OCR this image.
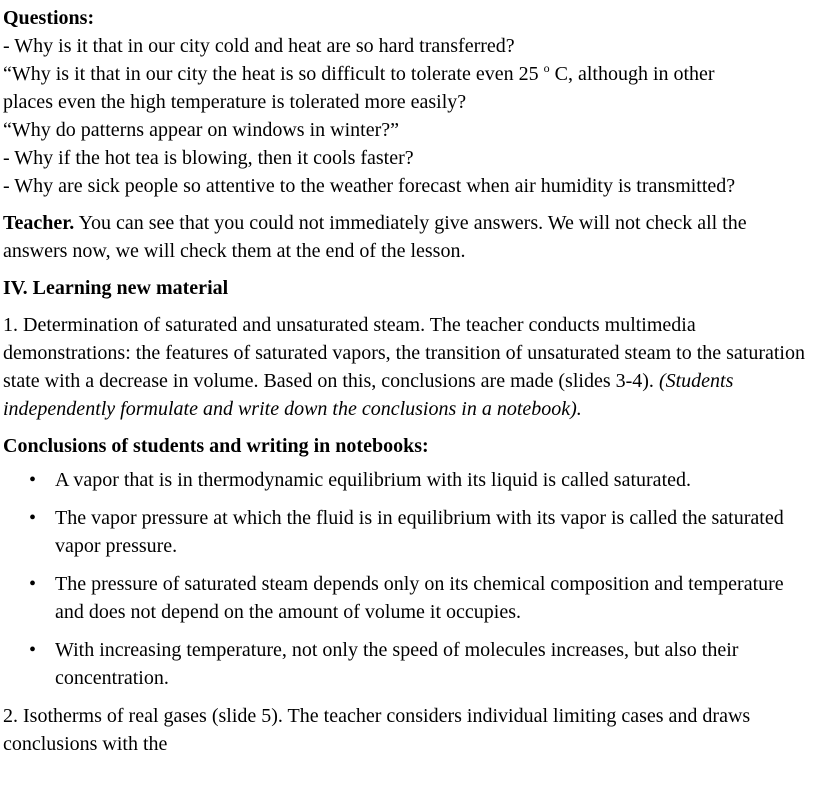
Questions:

- Why is it that in our city cold and heat are so hard transferred?

“Why is it that in our city the heat is so difficult to tolerate even 25 $^o$ C, although in other

places even the high temperature is tolerated more easily?

“Why do patterns appear on windows in winter?”

- Why if the hot tea is blowing, then it cools faster?

- Why are sick people so attentive to the weather forecast when air humidity is transmitted?

Teacher. You can see that you could not immediately give answers. We will not check all the answers now, we will check them at the end of the lesson.

IV. Learning new material

1. Determination of saturated and unsaturated steam. The teacher conducts multimedia demonstrations: the features of saturated vapors, the transition of unsaturated steam to the saturation state with a decrease in volume. Based on this, conclusions are made (slides 3-4). (Students independently formulate and write down the conclusions in a notebook).

Conclusions of students and writing in notebooks:

• A vapor that is in thermodynamic equilibrium with its liquid is called saturated.
• The vapor pressure at which the fluid is in equilibrium with its vapor is called the saturated vapor pressure.
• The pressure of saturated steam depends only on its chemical composition and temperature and does not depend on the amount of volume it occupies.
• With increasing temperature, not only the speed of molecules increases, but also their concentration.

2. Isotherms of real gases (slide 5). The teacher considers individual limiting cases and draws conclusions with the
